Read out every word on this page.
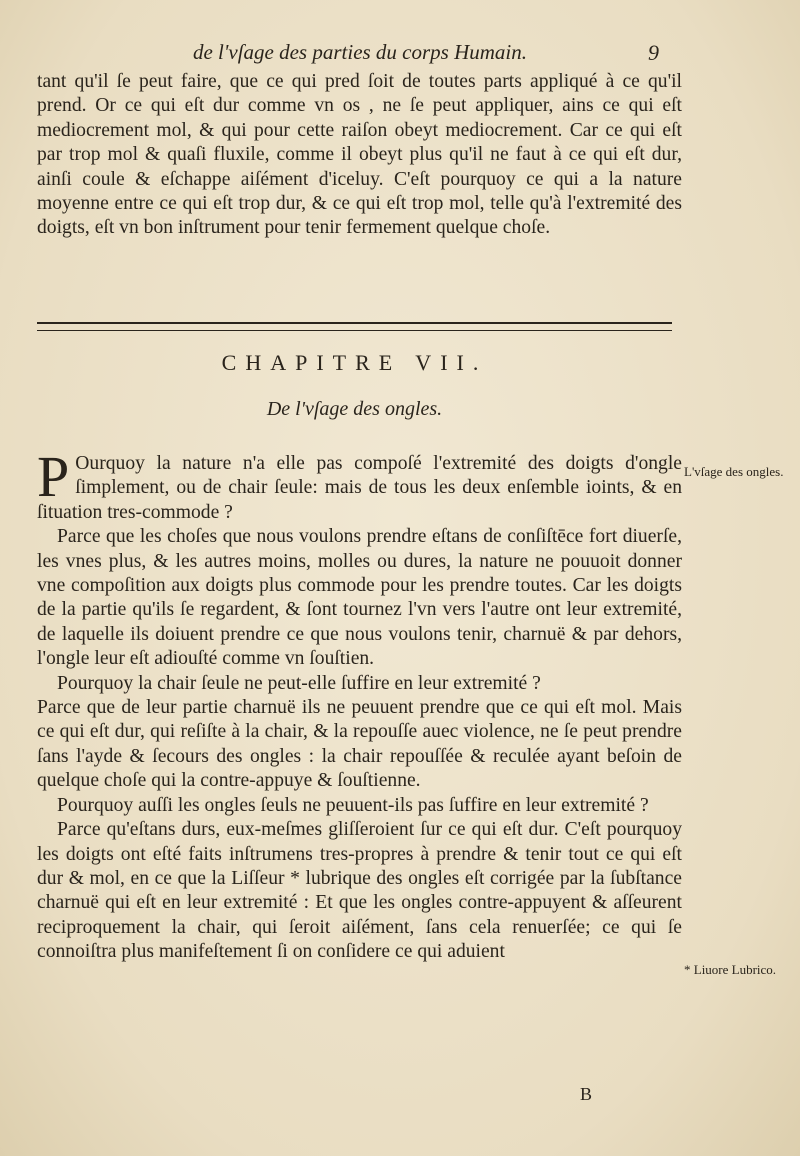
de l'vſage des parties du corps Humain.	9

tant qu'il ſe peut faire, que ce qui pred ſoit de toutes parts appliqué à ce qu'il prend. Or ce qui eſt dur comme vn os , ne ſe peut appliquer, ains ce qui eſt mediocrement mol, & qui pour cette raiſon obeyt mediocrement. Car ce qui eſt par trop mol & quaſi fluxile, comme il obeyt plus qu'il ne faut à ce qui eſt dur, ainſi coule & eſchappe aiſément d'iceluy. C'eſt pourquoy ce qui a la nature moyenne entre ce qui eſt trop dur, & ce qui eſt trop mol, telle qu'à l'extremité des doigts, eſt vn bon inſtrument pour tenir fermement quelque choſe.

CHAPITRE VII.
De l'vſage des ongles.

P Ourquoy la nature n'a elle pas compoſé l'extremité des doigts d'ongle ſimplement, ou de chair ſeule: mais de tous les deux enſemble ioints, & en ſituation tres-commode ?

Parce que les choſes que nous voulons prendre eſtans de conſiſtēce fort diuerſe, les vnes plus, & les autres moins, molles ou dures, la nature ne pouuoit donner vne compoſition aux doigts plus commode pour les prendre toutes. Car les doigts de la partie qu'ils ſe regardent, & ſont tournez l'vn vers l'autre ont leur extremité, de laquelle ils doiuent prendre ce que nous voulons tenir, charnuë & par dehors, l'ongle leur eſt adiouſté comme vn ſouſtien.

Pourquoy la chair ſeule ne peut-elle ſuffire en leur extremité ?

Parce que de leur partie charnuë ils ne peuuent prendre que ce qui eſt mol. Mais ce qui eſt dur, qui reſiſte à la chair, & la repouſſe auec violence, ne ſe peut prendre ſans l'ayde & ſecours des ongles : la chair repouſſée & reculée ayant beſoin de quelque choſe qui la contre-appuye & ſouſtienne.

Pourquoy auſſi les ongles ſeuls ne peuuent-ils pas ſuffire en leur extremité ?

Parce qu'eſtans durs, eux-meſmes gliſſeroient ſur ce qui eſt dur. C'eſt pourquoy les doigts ont eſté faits inſtrumens tres-propres à prendre & tenir tout ce qui eſt dur & mol, en ce que la Liſſeur * lubrique des ongles eſt corrigée par la ſubſtance charnuë qui eſt en leur extremité : Et que les ongles contre-appuyent & aſſeurent reciproquement la chair, qui ſeroit aiſément, ſans cela renuerſée; ce qui ſe connoiſtra plus manifeſtement ſi on conſidere ce qui aduient

L'vſage des ongles.
* Liuore Lubrico.
B
